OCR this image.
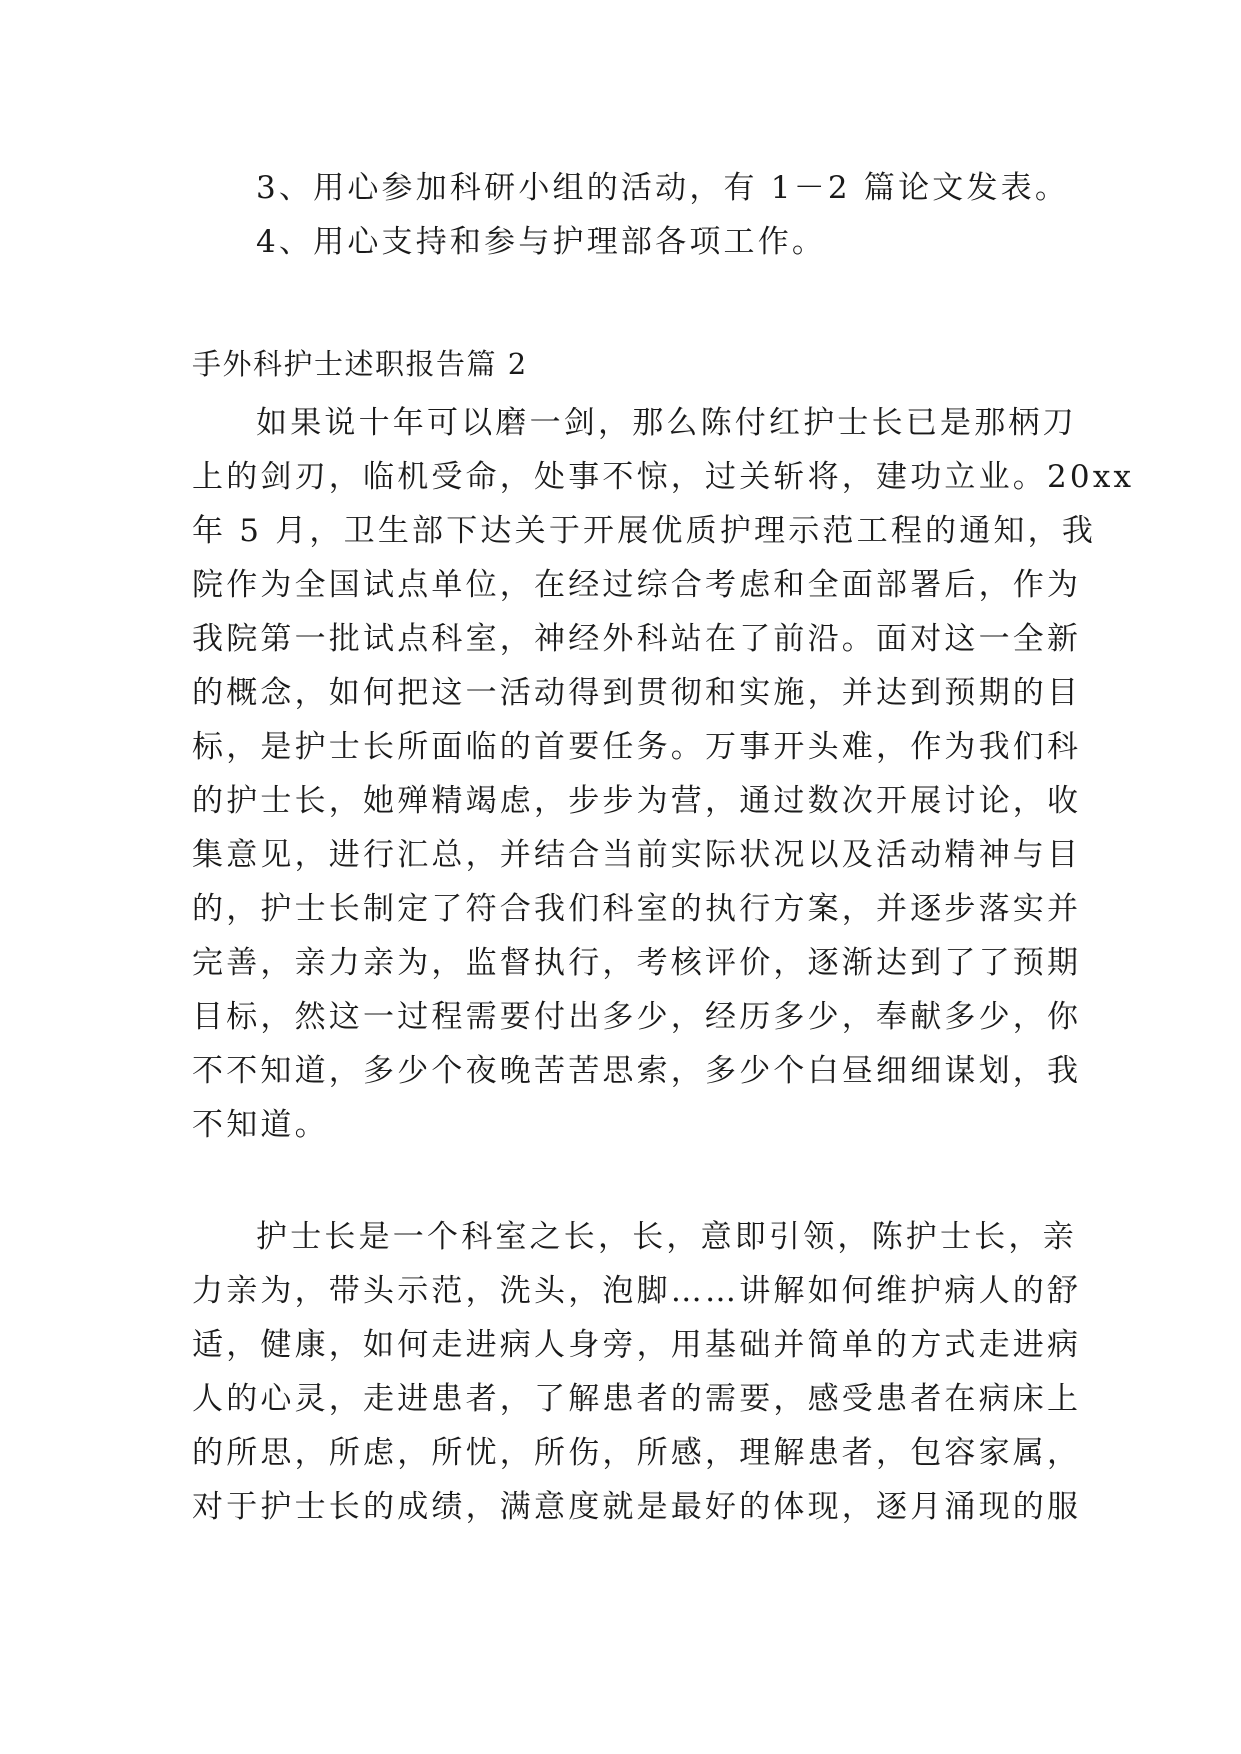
3、用心参加科研小组的活动，有 1－2 篇论文发表。

4、用心支持和参与护理部各项工作。

手外科护士述职报告篇 2

如果说十年可以磨一剑，那么陈付红护士长已是那柄刀

上的剑刃，临机受命，处事不惊，过关斩将，建功立业。20xx

年 5 月，卫生部下达关于开展优质护理示范工程的通知，我

院作为全国试点单位，在经过综合考虑和全面部署后，作为

我院第一批试点科室，神经外科站在了前沿。面对这一全新

的概念，如何把这一活动得到贯彻和实施，并达到预期的目

标，是护士长所面临的首要任务。万事开头难，作为我们科

的护士长，她殚精竭虑，步步为营，通过数次开展讨论，收

集意见，进行汇总，并结合当前实际状况以及活动精神与目

的，护士长制定了符合我们科室的执行方案，并逐步落实并

完善，亲力亲为，监督执行，考核评价，逐渐达到了了预期

目标，然这一过程需要付出多少，经历多少，奉献多少，你

不不知道，多少个夜晚苦苦思索，多少个白昼细细谋划，我

不知道。

护士长是一个科室之长，长，意即引领，陈护士长，亲

力亲为，带头示范，洗头，泡脚……讲解如何维护病人的舒

适，健康，如何走进病人身旁，用基础并简单的方式走进病

人的心灵，走进患者，了解患者的需要，感受患者在病床上

的所思，所虑，所忧，所伤，所感，理解患者，包容家属，

对于护士长的成绩，满意度就是最好的体现，逐月涌现的服
